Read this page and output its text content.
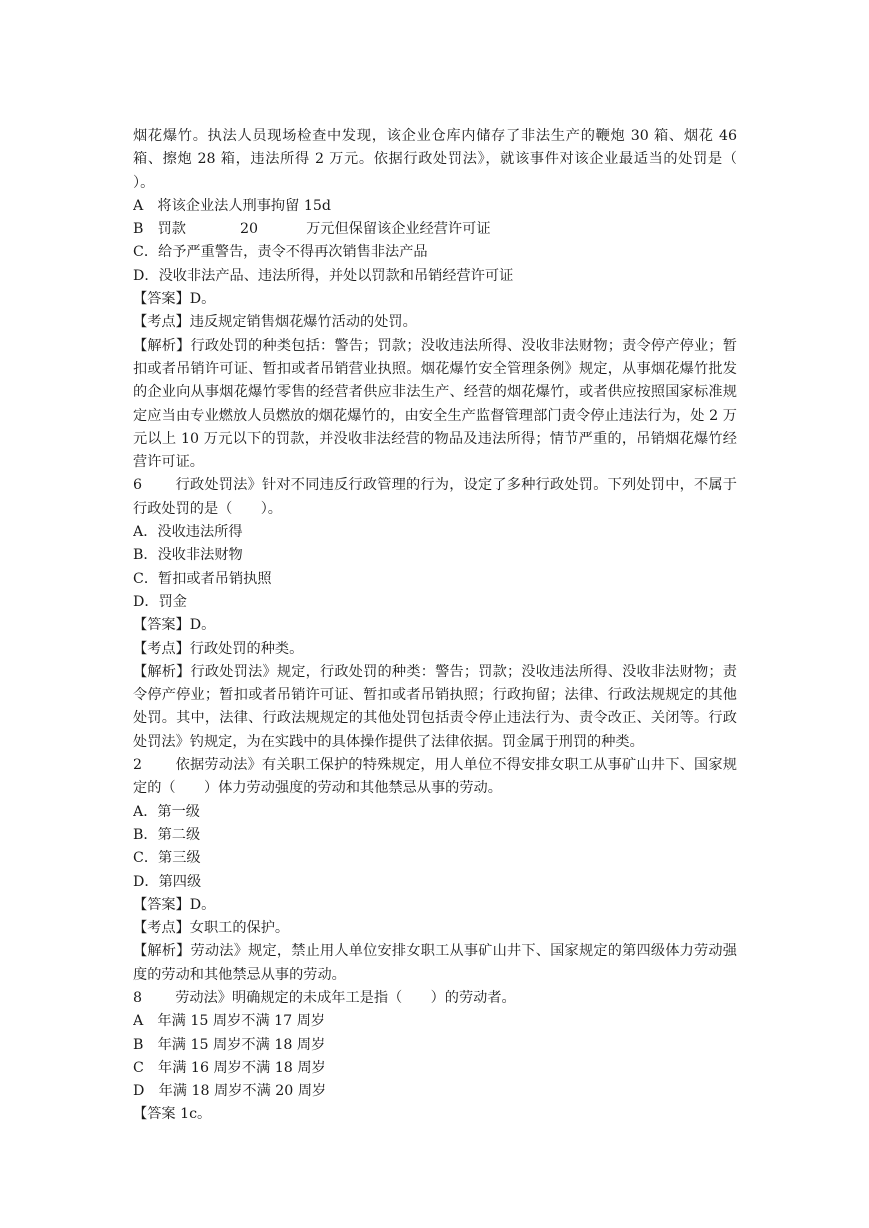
烟花爆竹。执法人员现场检查中发现，该企业仓库内储存了非法生产的鞭炮 30 箱、烟花 46 箱、擦炮 28 箱，违法所得 2 万元。依据行政处罚法》，就该事件对该企业最适当的处罚是（　　）。

A　将该企业法人刑事拘留 15d

B　罚款	20	万元但保留该企业经营许可证

C．给予严重警告，责令不得再次销售非法产品

D．没收非法产品、违法所得，并处以罚款和吊销经营许可证

【答案】D。

【考点】违反规定销售烟花爆竹活动的处罚。

【解析】行政处罚的种类包括：警告；罚款；没收违法所得、没收非法财物；责令停产停业；暂扣或者吊销许可证、暂扣或者吊销营业执照。烟花爆竹安全管理条例》规定，从事烟花爆竹批发的企业向从事烟花爆竹零售的经营者供应非法生产、经营的烟花爆竹，或者供应按照国家标准规定应当由专业燃放人员燃放的烟花爆竹的，由安全生产监督管理部门责令停止违法行为，处 2 万元以上 10 万元以下的罚款，并没收非法经营的物品及违法所得；情节严重的，吊销烟花爆竹经营许可证。

6　行政处罚法》针对不同违反行政管理的行为，设定了多种行政处罚。下列处罚中，不属于行政处罚的是（　　）。

A．没收违法所得

B．没收非法财物

C．暂扣或者吊销执照

D．罚金

【答案】D。

【考点】行政处罚的种类。

【解析】行政处罚法》规定，行政处罚的种类：警告；罚款；没收违法所得、没收非法财物；责令停产停业；暂扣或者吊销许可证、暂扣或者吊销执照；行政拘留；法律、行政法规规定的其他处罚。其中，法律、行政法规规定的其他处罚包括责令停止违法行为、责令改正、关闭等。行政处罚法》钓规定，为在实践中的具体操作提供了法律依据。罚金属于刑罚的种类。

2　依据劳动法》有关职工保护的特殊规定，用人单位不得安排女职工从事矿山井下、国家规定的（　　）体力劳动强度的劳动和其他禁忌从事的劳动。

A．第一级

B．第二级

C．第三级

D．第四级

【答案】D。

【考点】女职工的保护。

【解析】劳动法》规定，禁止用人单位安排女职工从事矿山井下、国家规定的第四级体力劳动强度的劳动和其他禁忌从事的劳动。

8　劳动法》明确规定的未成年工是指（　　）的劳动者。

A　年满 15 周岁不满 17 周岁

B　年满 15 周岁不满 18 周岁

C　年满 16 周岁不满 18 周岁

D　年满 18 周岁不满 20 周岁

【答案 1c。
